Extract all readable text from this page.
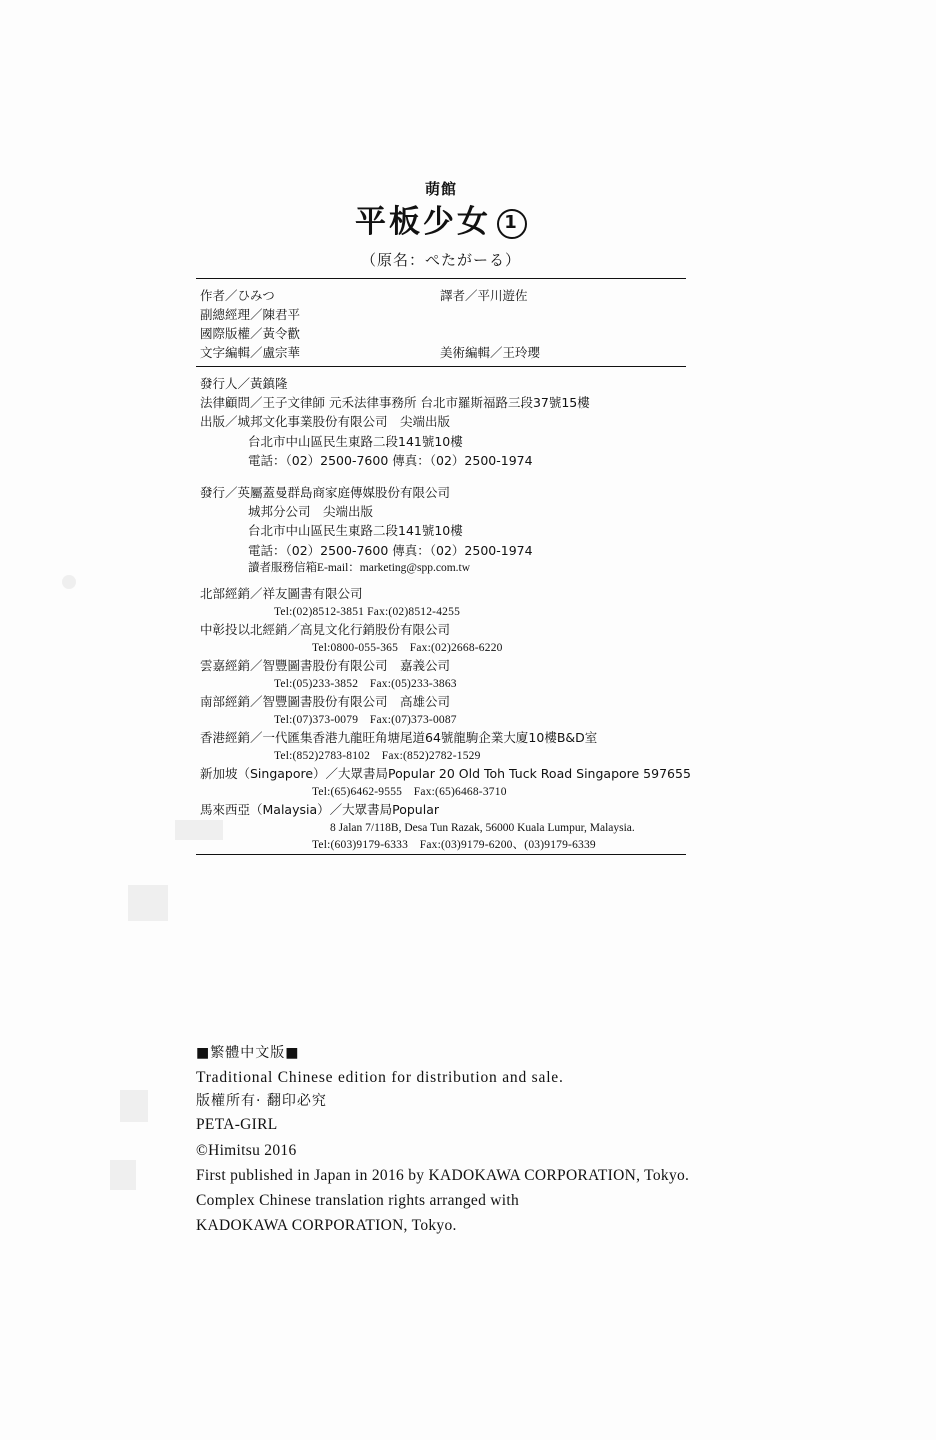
萌館
平板少女 1
（原名：ぺたがーる）
作者／ひみつ	譯者／平川遊佐
副總經理／陳君平
國際版權／黃令歡
文字編輯／盧宗華	美術編輯／王玲瓔
發行人／黃鎮隆
法律顧問／王子文律師 元禾法律事務所 台北市羅斯福路三段37號15樓
出版／城邦文化事業股份有限公司　尖端出版
台北市中山區民生東路二段141號10樓
電話：（02）2500-7600 傳真：（02）2500-1974
發行／英屬蓋曼群島商家庭傳媒股份有限公司
城邦分公司　尖端出版
台北市中山區民生東路二段141號10樓
電話：（02）2500-7600 傳真：（02）2500-1974
讀者服務信箱E-mail：marketing@spp.com.tw
北部經銷／祥友圖書有限公司
Tel:(02)8512-3851 Fax:(02)8512-4255
中彰投以北經銷／高見文化行銷股份有限公司
Tel:0800-055-365　Fax:(02)2668-6220
雲嘉經銷／智豐圖書股份有限公司　嘉義公司
Tel:(05)233-3852　Fax:(05)233-3863
南部經銷／智豐圖書股份有限公司　高雄公司
Tel:(07)373-0079　Fax:(07)373-0087
香港經銷／一代匯集香港九龍旺角塘尾道64號龍駒企業大廈10樓B&D室
Tel:(852)2783-8102　Fax:(852)2782-1529
新加坡（Singapore）／大眾書局Popular 20 Old Toh Tuck Road Singapore 597655
Tel:(65)6462-9555　Fax:(65)6468-3710
馬來西亞（Malaysia）／大眾書局Popular
8 Jalan 7/118B, Desa Tun Razak, 56000 Kuala Lumpur, Malaysia.
Tel:(603)9179-6333　Fax:(03)9179-6200、(03)9179-6339
■繁體中文版■
Traditional Chinese edition for distribution and sale.
版權所有· 翻印必究
PETA-GIRL
©Himitsu 2016
First published in Japan in 2016 by KADOKAWA CORPORATION, Tokyo.
Complex Chinese translation rights arranged with
KADOKAWA CORPORATION, Tokyo.
